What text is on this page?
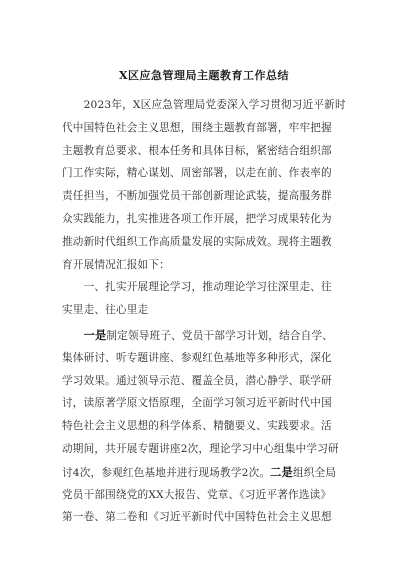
X区应急管理局主题教育工作总结
　　2023年，X区应急管理局党委深入学习贯彻习近平新时
代中国特色社会主义思想，围绕主题教育部署，牢牢把握
主题教育总要求、根本任务和具体目标，紧密结合组织部
门工作实际，精心谋划、周密部署，以走在前、作表率的
责任担当，不断加强党员干部创新理论武装，提高服务群
众实践能力，扎实推进各项工作开展，把学习成果转化为
推动新时代组织工作高质量发展的实际成效。现将主题教
育开展情况汇报如下：
　　一、扎实开展理论学习，推动理论学习往深里走、往
实里走、往心里走
　　一是制定领导班子、党员干部学习计划，结合自学、
集体研讨、听专题讲座、参观红色基地等多种形式，深化
学习效果。通过领导示范、覆盖全员，潜心静学、联学研
讨，读原著学原文悟原理，全面学习领习近平新时代中国
特色社会主义思想的科学体系、精髓要义、实践要求。活
动期间，共开展专题讲座2次，理论学习中心组集中学习研
讨4次，参观红色基地并进行现场教学2次。二是组织全局
党员干部围绕党的XX大报告、党章、《习近平著作选读》
第一卷、第二卷和《习近平新时代中国特色社会主义思想
